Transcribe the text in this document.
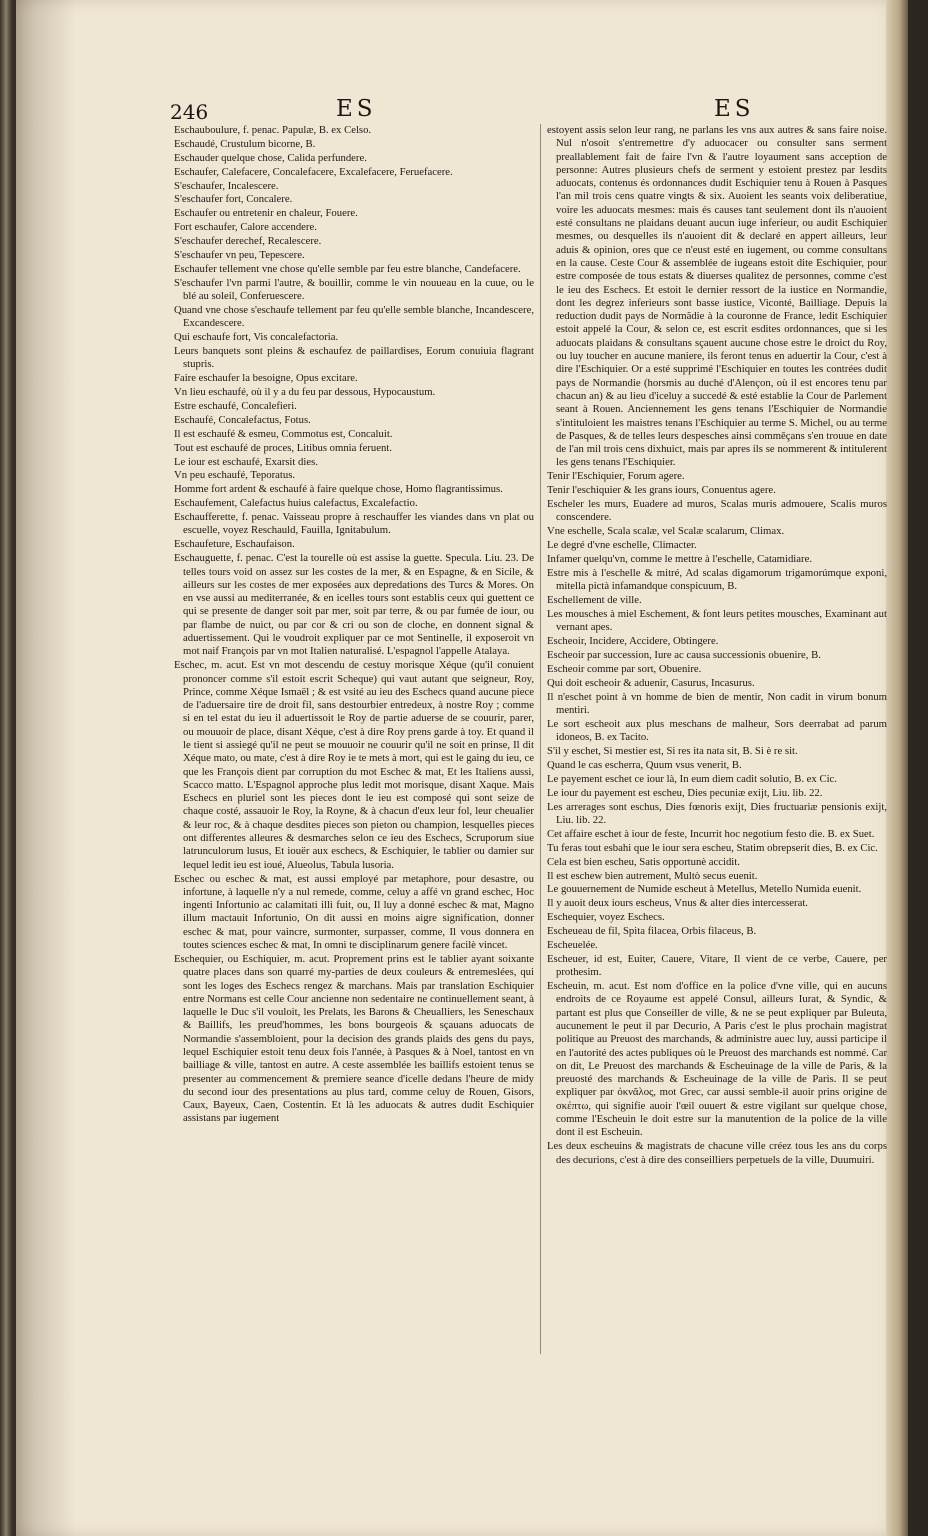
246	ES	ES

Eschauboulure, f. penac. Papulæ, B. ex Celso.

Eschaudé, Crustulum bicorne, B.

Eschauder quelque chose, Calida perfundere.

Eschaufer, Calefacere, Concalefacere, Excalefacere, Feruefacere.

S'eschaufer, Incalescere.

S'eschaufer fort, Concalere.

Eschaufer ou entretenir en chaleur, Fouere.

Fort eschaufer, Calore accendere.

S'eschaufer derechef, Recalescere.

S'eschaufer vn peu, Tepescere.

Eschaufer tellement vne chose qu'elle semble par feu estre blanche, Candefacere.

S'eschaufer l'vn parmi l'autre, & bouillir, comme le vin nouueau en la cuue, ou le blé au soleil, Conferuescere.

Quand vne chose s'eschaufe tellement par feu qu'elle semble blanche, Incandescere, Excandescere.

Qui eschaufe fort, Vis concalefactoria.

Leurs banquets sont pleins & eschaufez de paillardises, Eorum conuiuia flagrant stupris.

Faire eschaufer la besoigne, Opus excitare.

Vn lieu eschaufé, où il y a du feu par dessous, Hypocaustum.

Estre eschaufé, Concalefieri.

Eschaufé, Concalefactus, Fotus.

Il est eschaufé & esmeu, Commotus est, Concaluit.

Tout est eschaufé de proces, Litibus omnia feruent.

Le iour est eschaufé, Exarsit dies.

Vn peu eschaufé, Teporatus.

Homme fort ardent & eschaufé à faire quelque chose, Homo flagrantissimus.

Eschaufement, Calefactus huius calefactus, Excalefactio.

Eschaufferette, f. penac. Vaisseau propre à reschauffer les viandes dans vn plat ou escuelle, voyez Reschauld, Fauilla, Ignitabulum.

Eschaufeture, Eschaufaison.

Eschauguette, f. penac. C'est la tourelle où est assise la guette. Specula. Liu. 23. De telles tours void on assez sur les costes de la mer, & en Espagne, & en Sicile, & ailleurs sur les costes de mer exposées aux depredations des Turcs & Mores. On en vse aussi au mediterranée, & en icelles tours sont establis ceux qui guettent ce qui se presente de danger soit par mer, soit par terre, & ou par fumée de iour, ou par flambe de nuict, ou par cor & cri ou son de cloche, en donnent signal & aduertissement. Qui le voudroit expliquer par ce mot Sentinelle, il exposeroit vn mot naif François par vn mot Italien naturalisé. L'espagnol l'appelle Atalaya.

Eschec, m. acut. Est vn mot descendu de cestuy morisque Xéque (qu'il conuient prononcer comme s'il estoit escrit Scheque) qui vaut autant que seigneur, Roy, Prince, comme Xéque Ismaël ; & est vsité au ieu des Eschecs quand aucune piece de l'aduersaire tire de droit fil, sans destourbier entredeux, à nostre Roy ; comme si en tel estat du ieu il aduertissoit le Roy de partie aduerse de se couurir, parer, ou mouuoir de place, disant Xéque, c'est à dire Roy prens garde à toy. Et quand il le tient si assiegé qu'il ne peut se mouuoir ne couurir qu'il ne soit en prinse, Il dit Xéque mato, ou mate, c'est à dire Roy ie te mets à mort, qui est le gaing du ieu, ce que les François dient par corruption du mot Eschec & mat, Et les Italiens aussi, Scacco matto. L'Espagnol approche plus ledit mot morisque, disant Xaque. Mais Eschecs en pluriel sont les pieces dont le ieu est composé qui sont seize de chaque costé, assauoir le Roy, la Royne, & à chacun d'eux leur fol, leur cheualier & leur roc, & à chaque desdites pieces son pieton ou champion, lesquelles pieces ont differentes alleures & desmarches selon ce ieu des Eschecs, Scruporum siue latrunculorum lusus, Et iouër aux eschecs, & Eschiquier, le tablier ou damier sur lequel ledit ieu est ioué, Alueolus, Tabula lusoria.

Eschec ou eschec & mat, est aussi employé par metaphore, pour desastre, ou infortune, à laquelle n'y a nul remede, comme, celuy a affé vn grand eschec, Hoc ingenti Infortunio ac calamitati illi fuit, ou, Il luy a donné eschec & mat, Magno illum mactauit Infortunio, On dit aussi en moins aigre signification, donner eschec & mat, pour vaincre, surmonter, surpasser, comme, Il vous donnera en toutes sciences eschec & mat, In omni te disciplinarum genere facilè vincet.

Eschequier, ou Eschiquier, m. acut. Proprement prins est le tablier ayant soixante quatre places dans son quarré my-parties de deux couleurs & entremeslées, qui sont les loges des Eschecs rengez & marchans. Mais par translation Eschiquier entre Normans est celle Cour ancienne non sedentaire ne continuellement seant, à laquelle le Duc s'il vouloit, les Prelats, les Barons & Cheualliers, les Seneschaux & Baillifs, les preud'hommes, les bons bourgeois & sçauans aduocats de Normandie s'assembloient, pour la decision des grands plaids des gens du pays, lequel Eschiquier estoit tenu deux fois l'année, à Pasques & à Noel, tantost en vn bailliage & ville, tantost en autre. A ceste assemblée les baillifs estoient tenus se presenter au commencement & premiere seance d'icelle dedans l'heure de midy du second iour des presentations au plus tard, comme celuy de Rouen, Gisors, Caux, Bayeux, Caen, Costentin. Et là les aduocats & autres dudit Eschiquier assistans par iugement

estoyent assis selon leur rang, ne parlans les vns aux autres & sans faire noise. Nul n'osoit s'entremettre d'y aduocacer ou consulter sans serment preallablement fait de faire l'vn & l'autre loyaument sans acception de personne: Autres plusieurs chefs de serment y estoient prestez par lesdits aduocats, contenus és ordonnances dudit Eschiquier tenu à Rouen à Pasques l'an mil trois cens quatre vingts & six. Auoient les seants voix deliberatiue, voire les aduocats mesmes: mais és causes tant seulement dont ils n'auoient esté consultans ne plaidans deuant aucun iuge inferieur, ou audit Eschiquier mesmes, ou desquelles ils n'auoient dit & declaré en appert ailleurs, leur aduis & opinion, ores que ce n'eust esté en iugement, ou comme consultans en la cause. Ceste Cour & assemblée de iugeans estoit dite Eschiquier, pour estre composée de tous estats & diuerses qualitez de personnes, comme c'est le ieu des Eschecs. Et estoit le dernier ressort de la iustice en Normandie, dont les degrez inferieurs sont basse iustice, Viconté, Bailliage. Depuis la reduction dudit pays de Normãdie à la couronne de France, ledit Eschiquier estoit appelé la Cour, & selon ce, est escrit esdites ordonnances, que si les aduocats plaidans & consultans sçauent aucune chose estre le droict du Roy, ou luy toucher en aucune maniere, ils feront tenus en aduertir la Cour, c'est à dire l'Eschiquier. Or a esté supprimé l'Eschiquier en toutes les contrées dudit pays de Normandie (horsmis au duché d'Alençon, où il est encores tenu par chacun an) & au lieu d'iceluy a succedé & esté establie la Cour de Parlement seant à Rouen. Anciennement les gens tenans l'Eschiquier de Normandie s'intituloient les maistres tenans l'Eschiquier au terme S. Michel, ou au terme de Pasques, & de telles leurs despesches ainsi commēçans s'en trouue en date de l'an mil trois cens dixhuict, mais par apres ils se nommerent & intitulerent les gens tenans l'Eschiquier.

Tenir l'Eschiquier, Forum agere.

Tenir l'eschiquier & les grans iours, Conuentus agere.

Escheler les murs, Euadere ad muros, Scalas muris admouere, Scalis muros conscendere.

Vne eschelle, Scala scalæ, vel Scalæ scalarum, Climax.

Le degré d'vne eschelle, Climacter.

Infamer quelqu'vn, comme le mettre à l'eschelle, Catamidiare.

Estre mis à l'eschelle & mitré, Ad scalas digamorum trigamorúmque exponi, mitella pictà infamandque conspicuum, B.

Eschellement de ville.

Les mousches à miel Eschement, & font leurs petites mousches, Examinant aut vernant apes.

Escheoir, Incidere, Accidere, Obtingere.

Escheoir par succession, Iure ac causa successionis obuenire, B.

Escheoir comme par sort, Obuenire.

Qui doit escheoir & aduenir, Casurus, Incasurus.

Il n'eschet point à vn homme de bien de mentir, Non cadit in virum bonum mentiri.

Le sort escheoit aux plus meschans de malheur, Sors deerrabat ad parum idoneos, B. ex Tacito.

S'il y eschet, Si mestier est, Si res ita nata sit, B. Si è re sit.

Quand le cas escherra, Quum vsus venerit, B.

Le payement eschet ce iour là, In eum diem cadit solutio, B. ex Cic.

Le iour du payement est escheu, Dies pecuniæ exijt, Liu. lib. 22.

Les arrerages sont eschus, Dies fœnoris exijt, Dies fructuariæ pensionis exijt, Liu. lib. 22.

Cet affaire eschet à iour de feste, Incurrit hoc negotium festo die. B. ex Suet.

Tu feras tout esbahi que le iour sera escheu, Statim obrepserit dies, B. ex Cic.

Cela est bien escheu, Satis opportunè accidit.

Il est eschew bien autrement, Multò secus euenit.

Le gouuernement de Numide escheut à Metellus, Metello Numida euenit.

Il y auoit deux iours escheus, Vnus & alter dies intercesserat.

Eschequier, voyez Eschecs.

Escheueau de fil, Spita filacea, Orbis filaceus, B.

Escheuelée.

Escheuer, id est, Euiter, Cauere, Vitare, Il vient de ce verbe, Cauere, per prothesim.

Escheuin, m. acut. Est nom d'office en la police d'vne ville, qui en aucuns endroits de ce Royaume est appelé Consul, ailleurs Iurat, & Syndic, & partant est plus que Conseiller de ville, & ne se peut expliquer par Buleuta, aucunement le peut il par Decurio, A Paris c'est le plus prochain magistrat politique au Preuost des marchands, & administre auec luy, aussi participe il en l'autorité des actes publiques où le Preuost des marchands est nommé. Car on dit, Le Preuost des marchands & Escheuinage de la ville de Paris, & la preuosté des marchands & Escheuinage de la ville de Paris. Il se peut expliquer par ὀκνᾶλος, mot Grec, car aussi semble-il auoir prins origine de σκέπτω, qui signifie auoir l'œil ouuert & estre vigilant sur quelque chose, comme l'Escheuin le doit estre sur la manutention de la police de la ville dont il est Escheuin.

Les deux escheuins & magistrats de chacune ville créez tous les ans du corps des decurions, c'est à dire des conseilliers perpetuels de la ville, Duumuiri.
